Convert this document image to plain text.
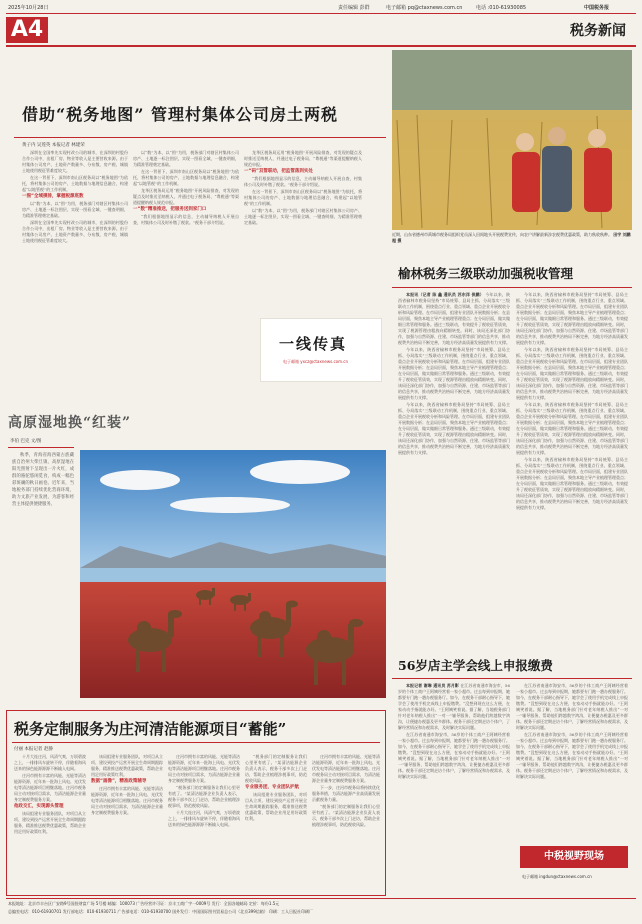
2025年10月28日	责任编辑 彭群	电子邮箱 pq@ctaxnews.com.cn	电话 :010-61930085	中国税务报
A4	税务新闻
借助“税务地图” 管理村集体公司房土两税
黄子内 吴莲英 本报记者 林建荣

深圳在全国率先实现村改公司的城市，在深圳的村股份合作公司中，出租厂房、物业等收入是主要营收来源。由于村集体公司房产、土地资产数量多、分布散，房产税、城镇土地使用税征管难度较大。

在这一背景下，深圳市南山区税务局以“税务地图”为依托，将村集体公司的房产、土地数据与地理信息融合，构建起“以地管税”的工作机制。

一图“全域摸排，掌握税源底数

以“数”为本，以“图”为用，税务部门对辖区村集体公司房产、土地逐一标注图层，实现一图看全域、一键查明细，为精准管理奠定基础。

深圳在全国率先实现村改公司的城市，在深圳的村股份合作公司中，出租厂房、物业等收入是主要营收来源。由于村集体公司房产、土地资产数量多、分布散，房产税、城镇土地使用税征管难度较大。

以“数”为本，以“图”为用，税务部门对辖区村集体公司房产、土地逐一标注图层，实现一图看全域、一键查明细，为精准管理奠定基础。

在这一背景下，深圳市南山区税务局以“税务地图”为依托，将村集体公司的房产、土地数据与地理信息融合，构建起“以地管税”的工作机制。

龙华区税务局运用“税务地图”开展风险排查，对发现的疑点及时推送至纳税人，并通过电子税务局、“粤税通”等渠道提醒纳税人规范申报。

一“数”精准推送，把服务送到家门口

“我们根据地图显示的信息，主动辅导纳税人开展自查，村集体公司及时补缴了税款。”税务干部介绍说。

龙华区税务局运用“税务地图”开展风险排查，对发现的疑点及时推送至纳税人，并通过电子税务局、“粤税通”等渠道提醒纳税人规范申报。

一“码”双管联动，把监管落到实处

“我们根据地图显示的信息，主动辅导纳税人开展自查，村集体公司及时补缴了税款。”税务干部介绍说。

在这一背景下，深圳市南山区税务局以“税务地图”为依托，将村集体公司的房产、土地数据与地理信息融合，构建起“以地管税”的工作机制。

以“数”为本，以“图”为用，税务部门对辖区村集体公司房产、土地逐一标注图层，实现一图看全域、一键查明细，为精准管理奠定基础。

一线传真
电子邮箱 yxcz@ctaxnews.com.cn
近期，山东省德州市禹城市税务局组织党员深入田间地头开展税费宣传，向农户讲解最新涉农税费优惠政策，助力秋收秋种。 田宇 刘鹏超 摄
榆林税务三级联动加强税收管理

本报讯（记者 陈 鑫 通讯员 苏东洋 侯鹏） 今年以来，陕西省榆林市税务局坚持“市局统筹、县局主抓、分局落实”三级联动工作机制，围绕重点行业、重点领域、重点企业开展税收分析和风险管理。在市局层面，组建专业团队开展数据分析；在县局层面，聚焦本地主导产业梳理管理重点；在分局层面，做实做细日常管理和服务。通过三级联动，有效提升了税收征管质效，实现了税源管理由粗放向精细转变。同时，该局还深化部门协作，加强与自然资源、住建、市场监管等部门的信息共享，推动税费共治格局不断完善，为地方经济高质量发展提供有力支撑。

今年以来，陕西省榆林市税务局坚持“市局统筹、县局主抓、分局落实”三级联动工作机制，围绕重点行业、重点领域、重点企业开展税收分析和风险管理。在市局层面，组建专业团队开展数据分析；在县局层面，聚焦本地主导产业梳理管理重点；在分局层面，做实做细日常管理和服务。通过三级联动，有效提升了税收征管质效，实现了税源管理由粗放向精细转变。同时，该局还深化部门协作，加强与自然资源、住建、市场监管等部门的信息共享，推动税费共治格局不断完善，为地方经济高质量发展提供有力支撑。

今年以来，陕西省榆林市税务局坚持“市局统筹、县局主抓、分局落实”三级联动工作机制，围绕重点行业、重点领域、重点企业开展税收分析和风险管理。在市局层面，组建专业团队开展数据分析；在县局层面，聚焦本地主导产业梳理管理重点；在分局层面，做实做细日常管理和服务。通过三级联动，有效提升了税收征管质效，实现了税源管理由粗放向精细转变。同时，该局还深化部门协作，加强与自然资源、住建、市场监管等部门的信息共享，推动税费共治格局不断完善，为地方经济高质量发展提供有力支撑。

今年以来，陕西省榆林市税务局坚持“市局统筹、县局主抓、分局落实”三级联动工作机制，围绕重点行业、重点领域、重点企业开展税收分析和风险管理。在市局层面，组建专业团队开展数据分析；在县局层面，聚焦本地主导产业梳理管理重点；在分局层面，做实做细日常管理和服务。通过三级联动，有效提升了税收征管质效，实现了税源管理由粗放向精细转变。同时，该局还深化部门协作，加强与自然资源、住建、市场监管等部门的信息共享，推动税费共治格局不断完善，为地方经济高质量发展提供有力支撑。

今年以来，陕西省榆林市税务局坚持“市局统筹、县局主抓、分局落实”三级联动工作机制，围绕重点行业、重点领域、重点企业开展税收分析和风险管理。在市局层面，组建专业团队开展数据分析；在县局层面，聚焦本地主导产业梳理管理重点；在分局层面，做实做细日常管理和服务。通过三级联动，有效提升了税收征管质效，实现了税源管理由粗放向精细转变。同时，该局还深化部门协作，加强与自然资源、住建、市场监管等部门的信息共享，推动税费共治格局不断完善，为地方经济高质量发展提供有力支撑。

今年以来，陕西省榆林市税务局坚持“市局统筹、县局主抓、分局落实”三级联动工作机制，围绕重点行业、重点领域、重点企业开展税收分析和风险管理。在市局层面，组建专业团队开展数据分析；在县局层面，聚焦本地主导产业梳理管理重点；在分局层面，做实做细日常管理和服务。通过三级联动，有效提升了税收征管质效，实现了税源管理由粗放向精细转变。同时，该局还深化部门协作，加强与自然资源、住建、市场监管等部门的信息共享，推动税费共治格局不断完善，为地方经济高质量发展提供有力支撑。

今年以来，陕西省榆林市税务局坚持“市局统筹、县局主抓、分局落实”三级联动工作机制，围绕重点行业、重点领域、重点企业开展税收分析和风险管理。在市局层面，组建专业团队开展数据分析；在县局层面，聚焦本地主导产业梳理管理重点；在分局层面，做实做细日常管理和服务。通过三级联动，有效提升了税收征管质效，实现了税源管理由粗放向精细转变。同时，该局还深化部门协作，加强与自然资源、住建、市场监管等部门的信息共享，推动税费共治格局不断完善，为地方经济高质量发展提供有力支撑。

高原湿地换“红装”
李伯 巴克 文/图

秋季，青海省海西蒙古族藏族自治州大柴旦镇，高原湿地在阳光照射下呈现出一片火红，成群的骆驼悠闲觅食，构成一幅色彩斑斓的秋日画卷。近年来，当地税务部门持续优化营商环境，助力文旅产业发展，为游客和经营主体提供便捷服务。

56岁店主学会线上申报缴费

本报记者 谢琳 通讯员 苏月影 在江苏省南通市海安市，56岁的个体工商户王阿姨经营着一家小超市。过去每到申报期，她都要专门跑一趟办税服务厅。如今，在税务干部耐心指导下，她学会了使用手机完成线上申报缴费。“没想到现在这么方便，在家动动手指就能办好。”王阿姨笑着说。据了解，当地税务部门针对老年纳税人推出“一对一”辅导服务，帮助他们跨越数字鸿沟，让便捷办税惠及更多群体。税务干部还定期走访个体户，了解经营情况和办税需求，及时解决实际问题。

在江苏省南通市海安市，56岁的个体工商户王阿姨经营着一家小超市。过去每到申报期，她都要专门跑一趟办税服务厅。如今，在税务干部耐心指导下，她学会了使用手机完成线上申报缴费。“没想到现在这么方便，在家动动手指就能办好。”王阿姨笑着说。据了解，当地税务部门针对老年纳税人推出“一对一”辅导服务，帮助他们跨越数字鸿沟，让便捷办税惠及更多群体。税务干部还定期走访个体户，了解经营情况和办税需求，及时解决实际问题。

在江苏省南通市海安市，56岁的个体工商户王阿姨经营着一家小超市。过去每到申报期，她都要专门跑一趟办税服务厅。如今，在税务干部耐心指导下，她学会了使用手机完成线上申报缴费。“没想到现在这么方便，在家动动手指就能办好。”王阿姨笑着说。据了解，当地税务部门针对老年纳税人推出“一对一”辅导服务，帮助他们跨越数字鸿沟，让便捷办税惠及更多群体。税务干部还定期走访个体户，了解经营情况和办税需求，及时解决实际问题。

在江苏省南通市海安市，56岁的个体工商户王阿姨经营着一家小超市。过去每到申报期，她都要专门跑一趟办税服务厅。如今，在税务干部耐心指导下，她学会了使用手机完成线上申报缴费。“没想到现在这么方便，在家动动手指就能办好。”王阿姨笑着说。据了解，当地税务部门针对老年纳税人推出“一对一”辅导服务，帮助他们跨越数字鸿沟，让便捷办税惠及更多群体。税务干部还定期走访个体户，了解经营情况和办税需求，及时解决实际问题。

中税视野现场
电子邮箱 ingdun@ctaxnews.com.cn
税务定制服务为庄河清洁能源项目“蓄能”
付丽 本报记者 赵静

十月大连庄河，风清气爽，万顷碧波之上，一排排风车旋转不停，伴随着海风送来的绿色能源源源不断输入电网。

庄河市拥有丰富的风能、光能等清洁能源资源，近年来一批海上风电、光伏发电等清洁能源项目相继落地。庄河市税务局主动对接项目需求，为清洁能源企业量身定制税费服务方案。

他政交汇，实现源头管理

该局组建专业服务团队，对项目从立项、建设到投产运营开展全生命周期跟踪服务，精准推送税费优惠政策，帮助企业用足用好政策红利。

该局组建专业服务团队，对项目从立项、建设到投产运营开展全生命周期跟踪服务，精准推送税费优惠政策，帮助企业用足用好政策红利。

数据“画像”，精准政策辅导

庄河市拥有丰富的风能、光能等清洁能源资源，近年来一批海上风电、光伏发电等清洁能源项目相继落地。庄河市税务局主动对接项目需求，为清洁能源企业量身定制税费服务方案。

庄河市拥有丰富的风能、光能等清洁能源资源，近年来一批海上风电、光伏发电等清洁能源项目相继落地。庄河市税务局主动对接项目需求，为清洁能源企业量身定制税费服务方案。

“税务部门的定制服务让我们心里更有底了。”某清洁能源企业负责人表示，税务干部多次上门走访，帮助企业梳理涉税事项，防范税收风险。

十月大连庄河，风清气爽，万顷碧波之上，一排排风车旋转不停，伴随着海风送来的绿色能源源源不断输入电网。

“税务部门的定制服务让我们心里更有底了。”某清洁能源企业负责人表示，税务干部多次上门走访，帮助企业梳理涉税事项，防范税收风险。

专业服务团，专业团队护航

该局组建专业服务团队，对项目从立项、建设到投产运营开展全生命周期跟踪服务，精准推送税费优惠政策，帮助企业用足用好政策红利。

庄河市拥有丰富的风能、光能等清洁能源资源，近年来一批海上风电、光伏发电等清洁能源项目相继落地。庄河市税务局主动对接项目需求，为清洁能源企业量身定制税费服务方案。

下一步，庄河市税务局将持续优化服务举措，为清洁能源产业高质量发展贡献税务力量。

“税务部门的定制服务让我们心里更有底了。”某清洁能源企业负责人表示，税务干部多次上门走访，帮助企业梳理涉税事项，防范税收风险。

本报地址：北京市丰台区广安路9号国投财富广场 5号楼 邮编：100073 广告经营许可证：京丰工商广字一0009号 发行：全国各地邮局 定价：每份1.5元
总编室电话：010-61930701 发行部电话：010-61930711 广告部电话：010-61930700 国外发行：中国国际图书贸易总公司（北京399信箱） 印刷：工人日报社印刷厂
